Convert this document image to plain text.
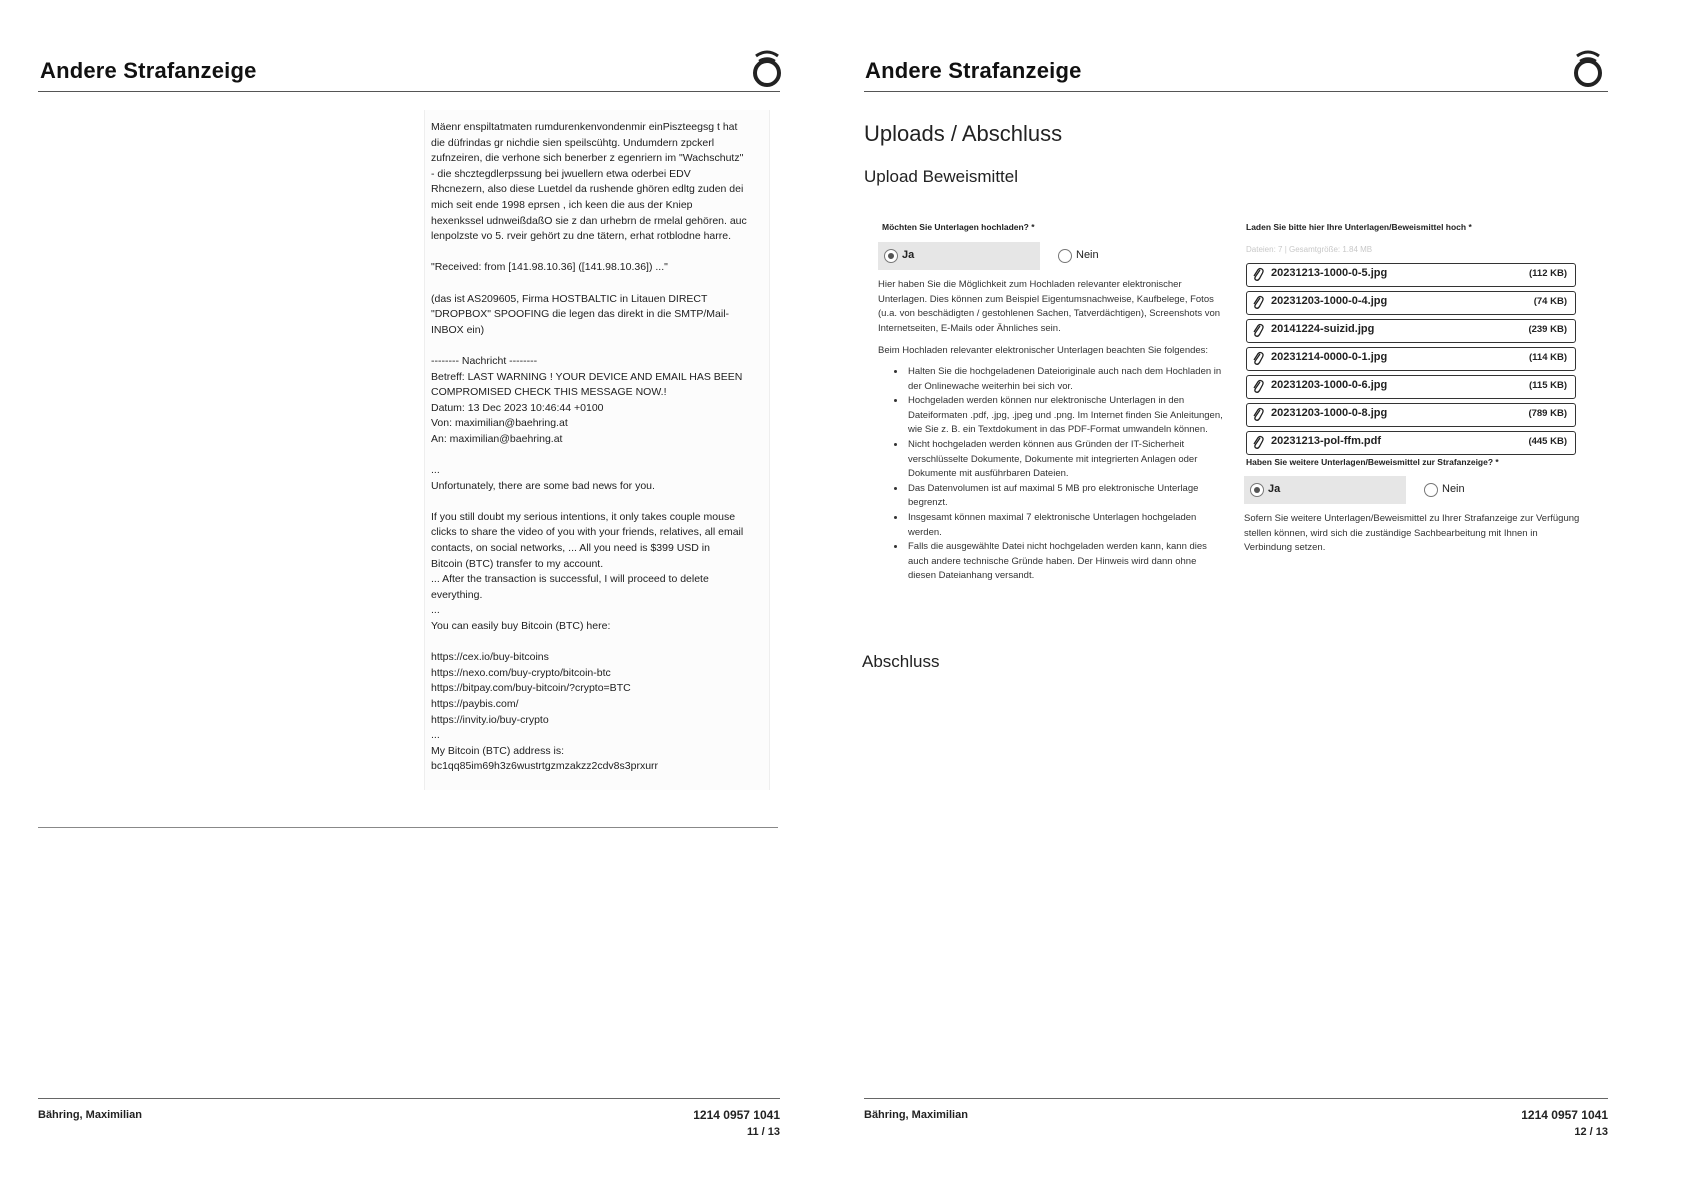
Andere Strafanzeige

Mäenr enspiltatmaten rumdurenkenvondenmir einPiszteegsg t hat

die düfrindas gr nichdie sien speilscühtg. Undumdern zpckerl

zufnzeiren, die verhone sich benerber z egenriern im "Wachschutz"

- die shcztegdlerpssung bei jwuellern etwa oderbei EDV

Rhcnezern, also diese Luetdel da rushende ghören edltg zuden dei

mich seit ende 1998 eprsen , ich keen die aus der Kniep

hexenkssel udnweißdaßO sie z dan urhebrn de rmelal gehören. auc

lenpolzste vo 5. rveir gehört zu dne tätern, erhat rotblodne harre.

"Received: from [141.98.10.36] ([141.98.10.36]) ..."

(das ist AS209605, Firma HOSTBALTIC in Litauen DIRECT

"DROPBOX" SPOOFING die legen das direkt in die SMTP/Mail-

INBOX ein)

-------- Nachricht --------

Betreff: LAST WARNING ! YOUR DEVICE AND EMAIL HAS BEEN

COMPROMISED CHECK THIS MESSAGE NOW.!

Datum: 13 Dec 2023 10:46:44 +0100

Von: maximilian@baehring.at

An: maximilian@baehring.at

...

Unfortunately, there are some bad news for you.

If you still doubt my serious intentions, it only takes couple mouse

clicks to share the video of you with your friends, relatives, all email

contacts, on social networks, ... All you need is $399 USD in

Bitcoin (BTC) transfer to my account.

... After the transaction is successful, I will proceed to delete

everything.

...

You can easily buy Bitcoin (BTC) here:

https://cex.io/buy-bitcoins

https://nexo.com/buy-crypto/bitcoin-btc

https://bitpay.com/buy-bitcoin/?crypto=BTC

https://paybis.com/

https://invity.io/buy-crypto

...

My Bitcoin (BTC) address is:

bc1qq85im69h3z6wustrtgzmzakzz2cdv8s3prxurr

Bähring, Maximilian	1214 0957 1041
11 / 13
Andere Strafanzeige
Uploads / Abschluss
Upload Beweismittel
Möchten Sie Unterlagen hochladen? *
Ja	Nein

Hier haben Sie die Möglichkeit zum Hochladen relevanter elektronischer Unterlagen. Dies können zum Beispiel Eigentumsnachweise, Kaufbelege, Fotos (u.a. von beschädigten / gestohlenen Sachen, Tatverdächtigen), Screenshots von Internetseiten, E-Mails oder Ähnliches sein.

Beim Hochladen relevanter elektronischer Unterlagen beachten Sie folgendes:

• Halten Sie die hochgeladenen Dateioriginale auch nach dem Hochladen in der Onlinewache weiterhin bei sich vor.
• Hochgeladen werden können nur elektronische Unterlagen in den Dateiformaten .pdf, .jpg, .jpeg und .png. Im Internet finden Sie Anleitungen, wie Sie z. B. ein Textdokument in das PDF-Format umwandeln können.
• Nicht hochgeladen werden können aus Gründen der IT-Sicherheit verschlüsselte Dokumente, Dokumente mit integrierten Anlagen oder Dokumente mit ausführbaren Dateien.
• Das Datenvolumen ist auf maximal 5 MB pro elektronische Unterlage begrenzt.
• Insgesamt können maximal 7 elektronische Unterlagen hochgeladen werden.
• Falls die ausgewählte Datei nicht hochgeladen werden kann, kann dies auch andere technische Gründe haben. Der Hinweis wird dann ohne diesen Dateianhang versandt.
Laden Sie bitte hier Ihre Unterlagen/Beweismittel hoch *
Dateien: 7 | Gesamtgröße: 1.84 MB
20231213-1000-0-5.jpg	(112 KB)
20231203-1000-0-4.jpg	(74 KB)
20141224-suizid.jpg	(239 KB)
20231214-0000-0-1.jpg	(114 KB)
20231203-1000-0-6.jpg	(115 KB)
20231203-1000-0-8.jpg	(789 KB)
20231213-pol-ffm.pdf	(445 KB)
Haben Sie weitere Unterlagen/Beweismittel zur Strafanzeige? *
Ja	Nein
Sofern Sie weitere Unterlagen/Beweismittel zu Ihrer Strafanzeige zur Verfügung stellen können, wird sich die zuständige Sachbearbeitung mit Ihnen in Verbindung setzen.
Abschluss
Bähring, Maximilian	1214 0957 1041
12 / 13
